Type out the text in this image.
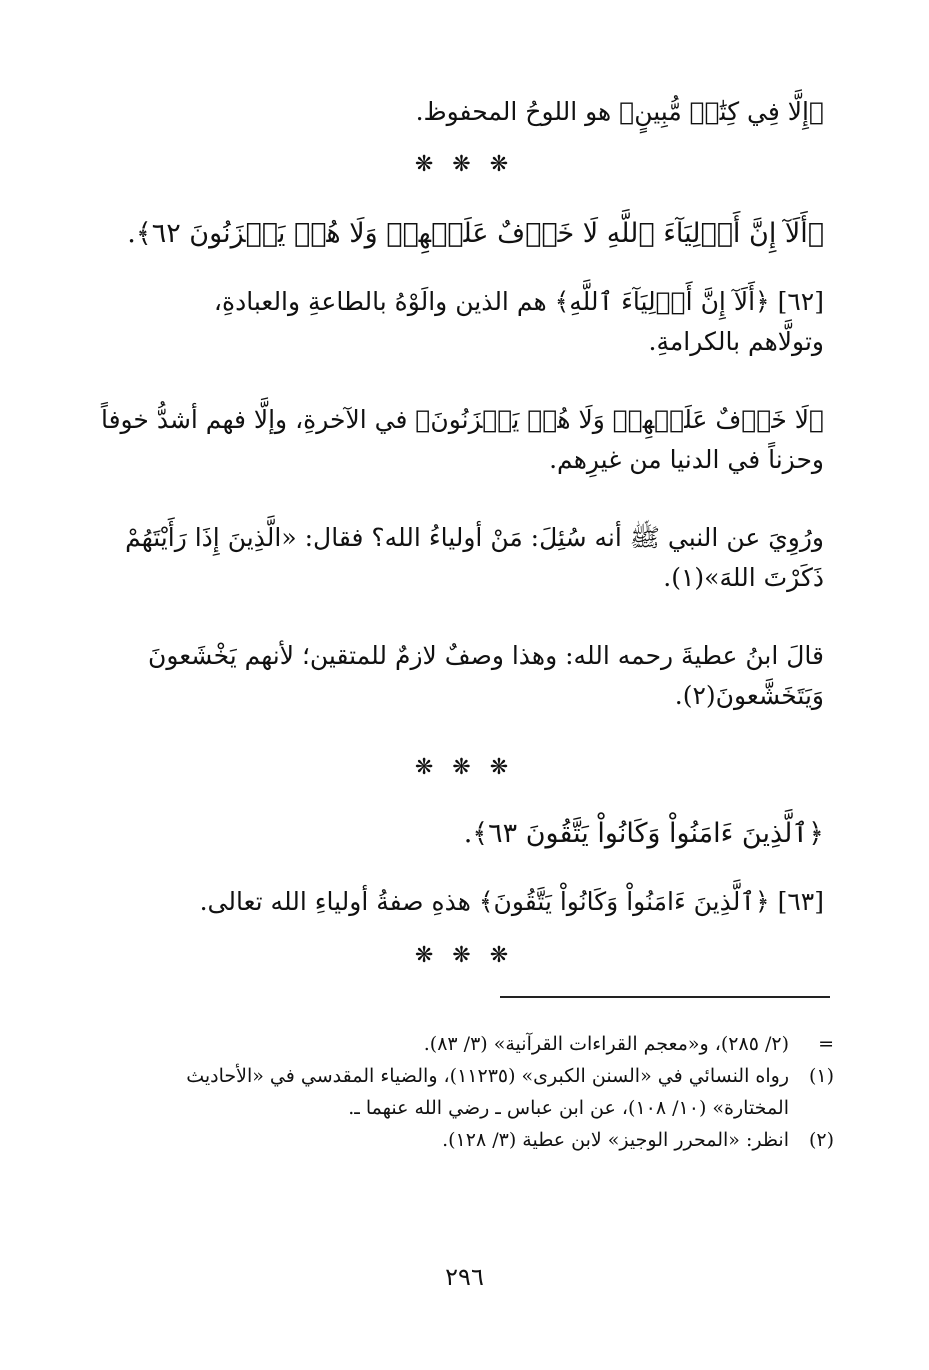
﴿إِلَّا فِي كِتَٰبٖ مُّبِينٍ﴾ هو اللوحُ المحفوظ.

❋ ❋ ❋

﴿أَلَآ إِنَّ أَوۡلِيَآءَ ٱللَّهِ لَا خَوۡفٌ عَلَيۡهِمۡ وَلَا هُمۡ يَحۡزَنُونَ ٦٢﴾.

[٦٢] ﴿أَلَآ إِنَّ أَوۡلِيَآءَ ٱللَّهِ﴾ هم الذين والَوْهُ بالطاعةِ والعبادةِ،
وتولَّاهم بالكرامةِ.
﴿لَا خَوۡفٌ عَلَيۡهِمۡ وَلَا هُمۡ يَحۡزَنُونَ﴾ في الآخرةِ، وإلَّا فهم أشدُّ خوفاً
وحزناً في الدنيا من غيرِهم.
ورُوِيَ عن النبي ﷺ أنه سُئِلَ: مَنْ أولياءُ الله؟ فقال: «الَّذِينَ إِذَا رَأَيْتَهُمْ
ذَكَرْتَ اللهَ»(١).
قالَ ابنُ عطيةَ رحمه الله: وهذا وصفٌ لازمٌ للمتقين؛ لأنهم يَخْشَعونَ
وَيَتَخَشَّعونَ(٢).
❋ ❋ ❋

﴿ٱلَّذِينَ ءَامَنُواْ وَكَانُواْ يَتَّقُونَ ٦٣﴾.

[٦٣] ﴿ٱلَّذِينَ ءَامَنُواْ وَكَانُواْ يَتَّقُونَ﴾ هذهِ صفةُ أولياءِ الله تعالى.

❋ ❋ ❋
=(٢/ ٢٨٥)، و«معجم القراءات القرآنية» (٣/ ٨٣).
(١)رواه النسائي في «السنن الكبرى» (١١٢٣٥)، والضياء المقدسي في «الأحاديث
المختارة» (١٠/ ١٠٨)، عن ابن عباس ـ رضي الله عنهما ـ.
(٢)انظر: «المحرر الوجيز» لابن عطية (٣/ ١٢٨).
٢٩٦
